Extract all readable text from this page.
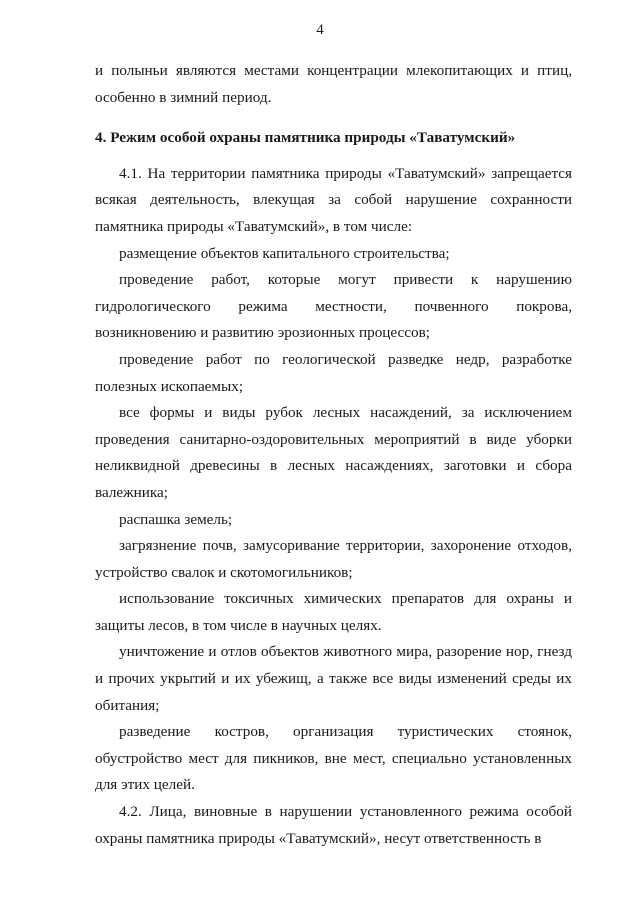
4

и полыньи являются местами концентрации млекопитающих и птиц, особенно в зимний период.

4. Режим особой охраны памятника природы «Таватумский»

4.1. На территории памятника природы «Таватумский» запрещается всякая деятельность, влекущая за собой нарушение сохранности памятника природы «Таватумский», в том числе:

размещение объектов капитального строительства;

проведение работ, которые могут привести к нарушению гидрологического режима местности, почвенного покрова, возникновению и развитию эрозионных процессов;

проведение работ по геологической разведке недр, разработке полезных ископаемых;

все формы и виды рубок лесных насаждений, за исключением проведения санитарно-оздоровительных мероприятий в виде уборки неликвидной древесины в лесных насаждениях, заготовки и сбора валежника;

распашка земель;

загрязнение почв, замусоривание территории, захоронение отходов, устройство свалок и скотомогильников;

использование токсичных химических препаратов для охраны и защиты лесов, в том числе в научных целях.

уничтожение и отлов объектов животного мира, разорение нор, гнезд и прочих укрытий и их убежищ, а также все виды изменений среды их обитания;

разведение костров, организация туристических стоянок, обустройство мест для пикников, вне мест, специально установленных для этих целей.

4.2. Лица, виновные в нарушении установленного режима особой охраны памятника природы «Таватумский», несут ответственность в
